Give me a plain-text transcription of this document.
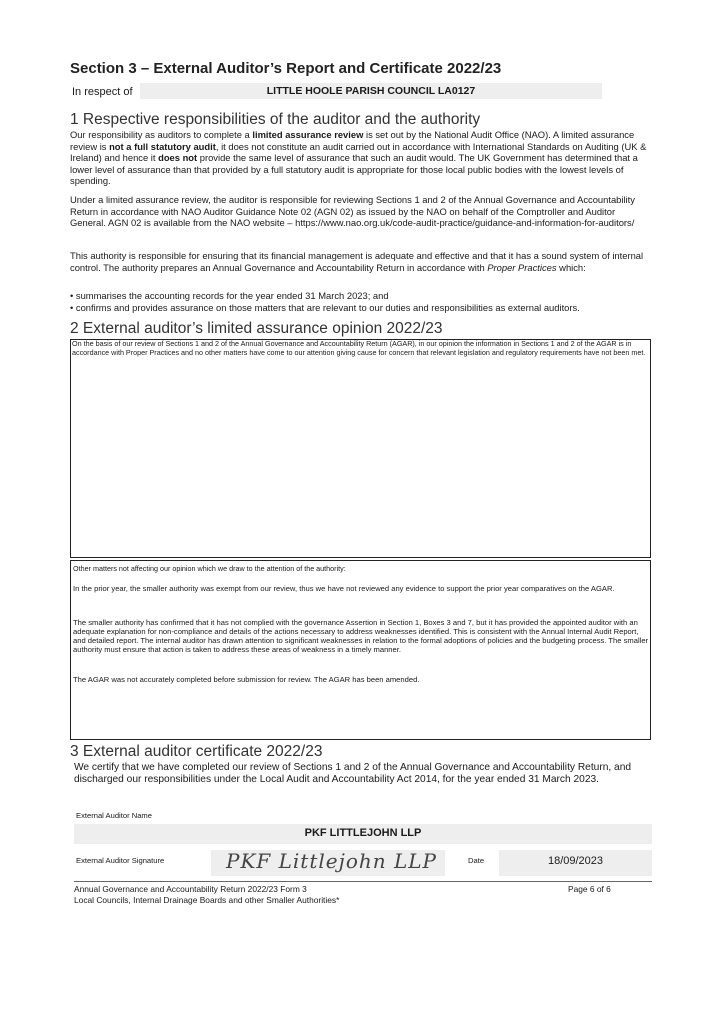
Section 3 – External Auditor’s Report and Certificate 2022/23
In respect of	LITTLE HOOLE PARISH COUNCIL LA0127
1 Respective responsibilities of the auditor and the authority
Our responsibility as auditors to complete a limited assurance review is set out by the National Audit Office (NAO). A limited assurance review is not a full statutory audit, it does not constitute an audit carried out in accordance with International Standards on Auditing (UK & Ireland) and hence it does not provide the same level of assurance that such an audit would. The UK Government has determined that a lower level of assurance than that provided by a full statutory audit is appropriate for those local public bodies with the lowest levels of spending.
Under a limited assurance review, the auditor is responsible for reviewing Sections 1 and 2 of the Annual Governance and Accountability Return in accordance with NAO Auditor Guidance Note 02 (AGN 02) as issued by the NAO on behalf of the Comptroller and Auditor General. AGN 02 is available from the NAO website – https://www.nao.org.uk/code-audit-practice/guidance-and-information-for-auditors/
This authority is responsible for ensuring that its financial management is adequate and effective and that it has a sound system of internal control. The authority prepares an Annual Governance and Accountability Return in accordance with Proper Practices which:
• summarises the accounting records for the year ended 31 March 2023; and
• confirms and provides assurance on those matters that are relevant to our duties and responsibilities as external auditors.
2 External auditor’s limited assurance opinion 2022/23
On the basis of our review of Sections 1 and 2 of the Annual Governance and Accountability Return (AGAR), in our opinion the information in Sections 1 and 2 of the AGAR is in accordance with Proper Practices and no other matters have come to our attention giving cause for concern that relevant legislation and regulatory requirements have not been met.
Other matters not affecting our opinion which we draw to the attention of the authority:
In the prior year, the smaller authority was exempt from our review, thus we have not reviewed any evidence to support the prior year comparatives on the AGAR.
The smaller authority has confirmed that it has not complied with the governance Assertion in Section 1, Boxes 3 and 7, but it has provided the appointed auditor with an adequate explanation for non-compliance and details of the actions necessary to address weaknesses identified. This is consistent with the Annual Internal Audit Report, and detailed report. The internal auditor has drawn attention to significant weaknesses in relation to the formal adoptions of policies and the budgeting process. The smaller authority must ensure that action is taken to address these areas of weakness in a timely manner.
The AGAR was not accurately completed before submission for review. The AGAR has been amended.
3 External auditor certificate 2022/23
We certify that we have completed our review of Sections 1 and 2 of the Annual Governance and Accountability Return, and discharged our responsibilities under the Local Audit and Accountability Act 2014, for the year ended 31 March 2023.
External Auditor Name
PKF LITTLEJOHN LLP
External Auditor Signature	PKF Littlejohn LLP	Date	18/09/2023
Annual Governance and Accountability Return 2022/23 Form 3
Local Councils, Internal Drainage Boards and other Smaller Authorities*
Page 6 of 6
